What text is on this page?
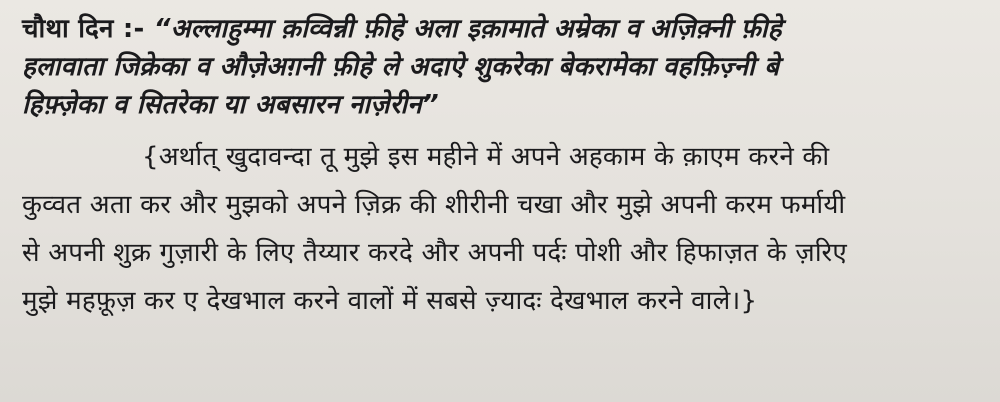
चौथा दिन :- “अल्लाहुम्मा क़व्विन्नी फ़ीहे अला इक़ामाते अम्रेका व अज़िक़्नी फ़ीहे
हलावाता जिक्रेका व औज़ेअग़नी फ़ीहे ले अदाऐ शुकरेका बेकरामेका वहफ़िज़्नी बे
हिफ़्ज़ेका व सितरेका या अबसारन नाज़ेरीन”
{अर्थात् खुदावन्दा तू मुझे इस महीने में अपने अहकाम के क़ाएम करने की
कुव्वत अता कर और मुझको अपने ज़िक्र की शीरीनी चखा और मुझे अपनी करम फर्मायी
से अपनी शुक्र गुज़ारी के लिए तैय्यार करदे और अपनी पर्दः पोशी और हिफाज़त के ज़रिए
मुझे महफ़ूज़ कर ए देखभाल करने वालों में सबसे ज़्यादः देखभाल करने वाले।}
